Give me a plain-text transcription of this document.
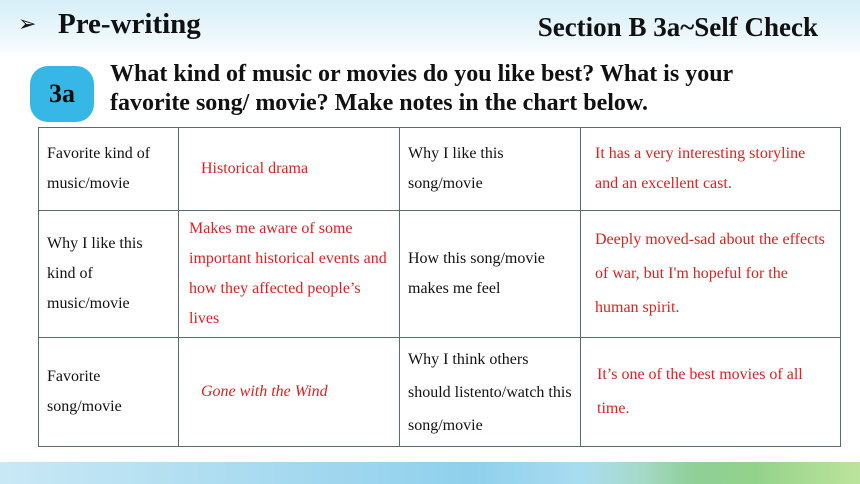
➢ Pre-writing	Section B 3a~Self Check
3a
What kind of music or movies do you like best? What is your
favorite song/ movie? Make notes in the chart below.
Favorite kind of music/movie	Historical drama	Why I like this song/movie	It has a very interesting storyline and an excellent cast.
Why I like this kind of music/movie	Makes me aware of some important historical events and how they affected people’s lives	How this song/movie makes me feel	Deeply moved-sad about the effects of war, but I'm hopeful for the human spirit.
Favorite song/movie	Gone with the Wind	Why I think others should listento/watch this song/movie	It’s one of the best movies of all time.
